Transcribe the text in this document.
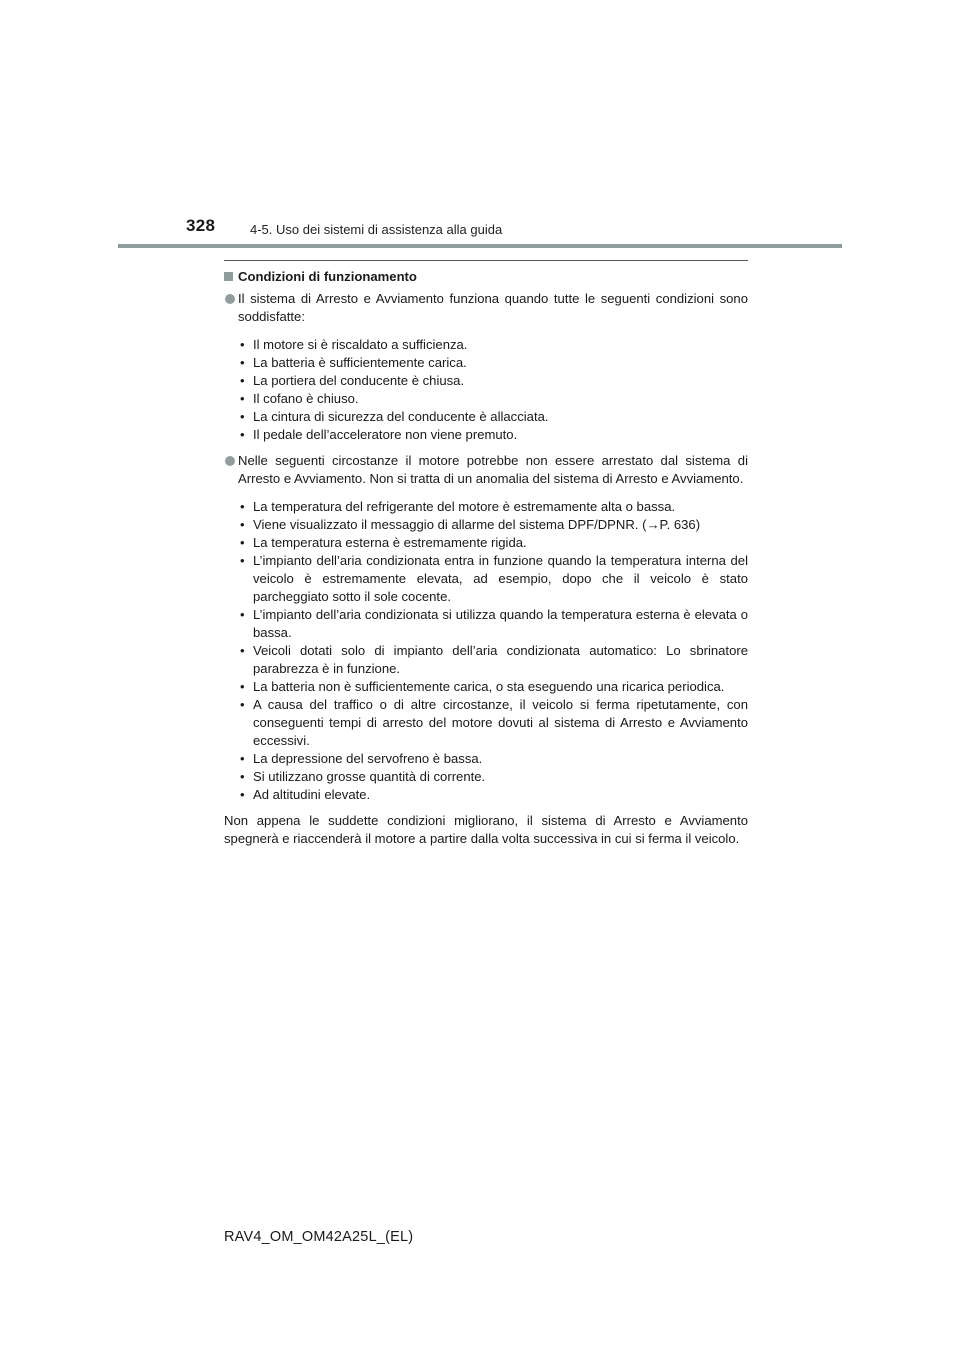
328	4-5. Uso dei sistemi di assistenza alla guida
Condizioni di funzionamento
Il sistema di Arresto e Avviamento funziona quando tutte le seguenti condizioni sono soddisfatte:
• Il motore si è riscaldato a sufficienza.
• La batteria è sufficientemente carica.
• La portiera del conducente è chiusa.
• Il cofano è chiuso.
• La cintura di sicurezza del conducente è allacciata.
• Il pedale dell’acceleratore non viene premuto.
Nelle seguenti circostanze il motore potrebbe non essere arrestato dal sistema di Arresto e Avviamento. Non si tratta di un anomalia del sistema di Arresto e Avviamento.
• La temperatura del refrigerante del motore è estremamente alta o bassa.
• Viene visualizzato il messaggio di allarme del sistema DPF/DPNR. (→P. 636)
• La temperatura esterna è estremamente rigida.
• L’impianto dell’aria condizionata entra in funzione quando la temperatura interna del veicolo è estremamente elevata, ad esempio, dopo che il veicolo è stato parcheggiato sotto il sole cocente.
• L’impianto dell’aria condizionata si utilizza quando la temperatura esterna è elevata o bassa.
• Veicoli dotati solo di impianto dell’aria condizionata automatico: Lo sbrinatore parabrezza è in funzione.
• La batteria non è sufficientemente carica, o sta eseguendo una ricarica periodica.
• A causa del traffico o di altre circostanze, il veicolo si ferma ripetutamente, con conseguenti tempi di arresto del motore dovuti al sistema di Arresto e Avviamento eccessivi.
• La depressione del servofreno è bassa.
• Si utilizzano grosse quantità di corrente.
• Ad altitudini elevate.

Non appena le suddette condizioni migliorano, il sistema di Arresto e Avviamento spegnerà e riaccenderà il motore a partire dalla volta successiva in cui si ferma il veicolo.

RAV4_OM_OM42A25L_(EL)
